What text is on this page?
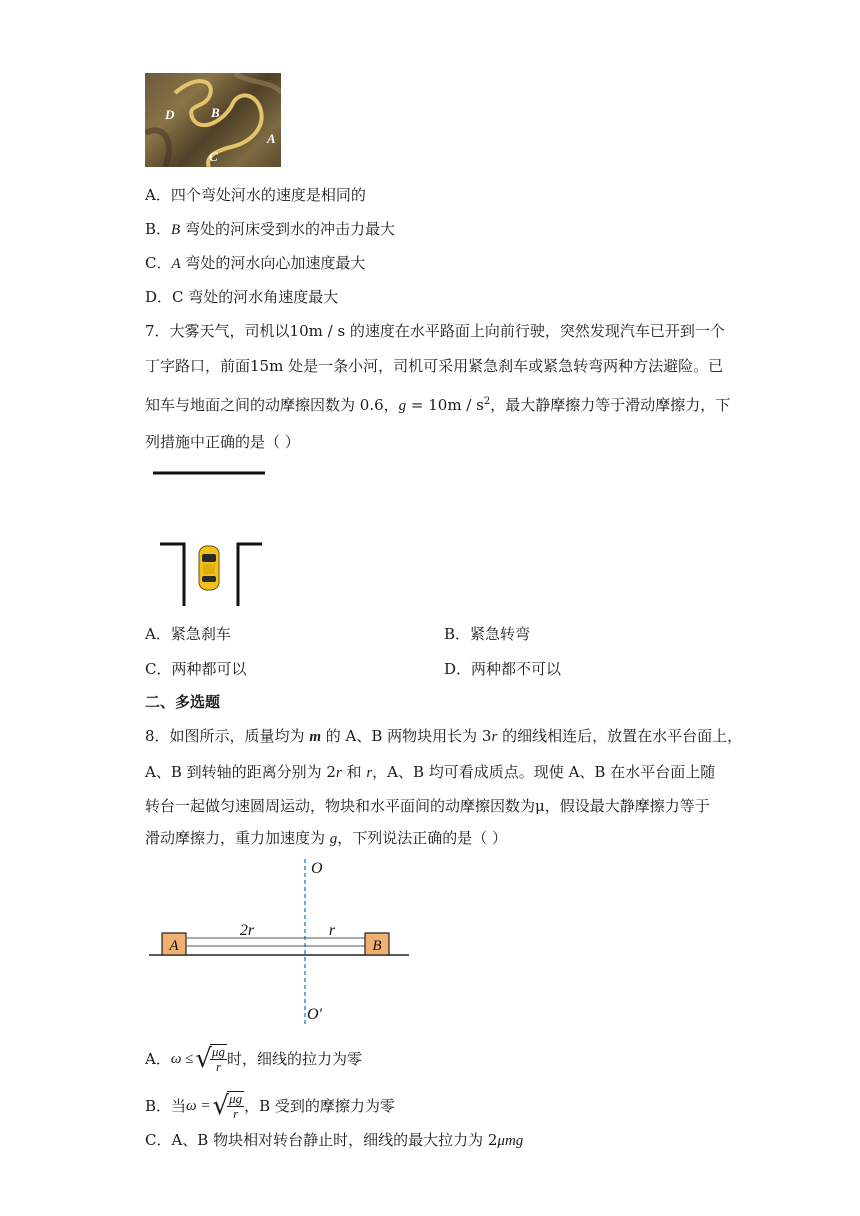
D	B
A
C
A．四个弯处河水的速度是相同的
B．B 弯处的河床受到水的冲击力最大
C．A 弯处的河水向心加速度最大
D．C 弯处的河水角速度最大
7．大雾天气，司机以10m / s 的速度在水平路面上向前行驶，突然发现汽车已开到一个
丁字路口，前面15m 处是一条小河，司机可采用紧急刹车或紧急转弯两种方法避险。已
知车与地面之间的动摩擦因数为 0.6，$g = 10m / s^2$，最大静摩擦力等于滑动摩擦力，下
列措施中正确的是（ ）
A．紧急刹车	B．紧急转弯
C．两种都可以	D．两种都不可以
二、多选题
8．如图所示，质量均为 m 的 A、B 两物块用长为 3r 的细线相连后，放置在水平台面上，
A、B 到转轴的距离分别为 2r 和 r，A、B 均可看成质点。现使 A、B 在水平台面上随
转台一起做匀速圆周运动，物块和水平面间的动摩擦因数为μ，假设最大静摩擦力等于
滑动摩擦力，重力加速度为 g，下列说法正确的是（ ）
A	B
2r	r
O
O′
A． ω ≤ √
$\frac{\mu g}{r}$ 时，细线的拉力为零
B．当 ω = √
$\frac{\mu g}{r}$ ，B 受到的摩擦力为零
C．A、B 物块相对转台静止时，细线的最大拉力为 2μmg
